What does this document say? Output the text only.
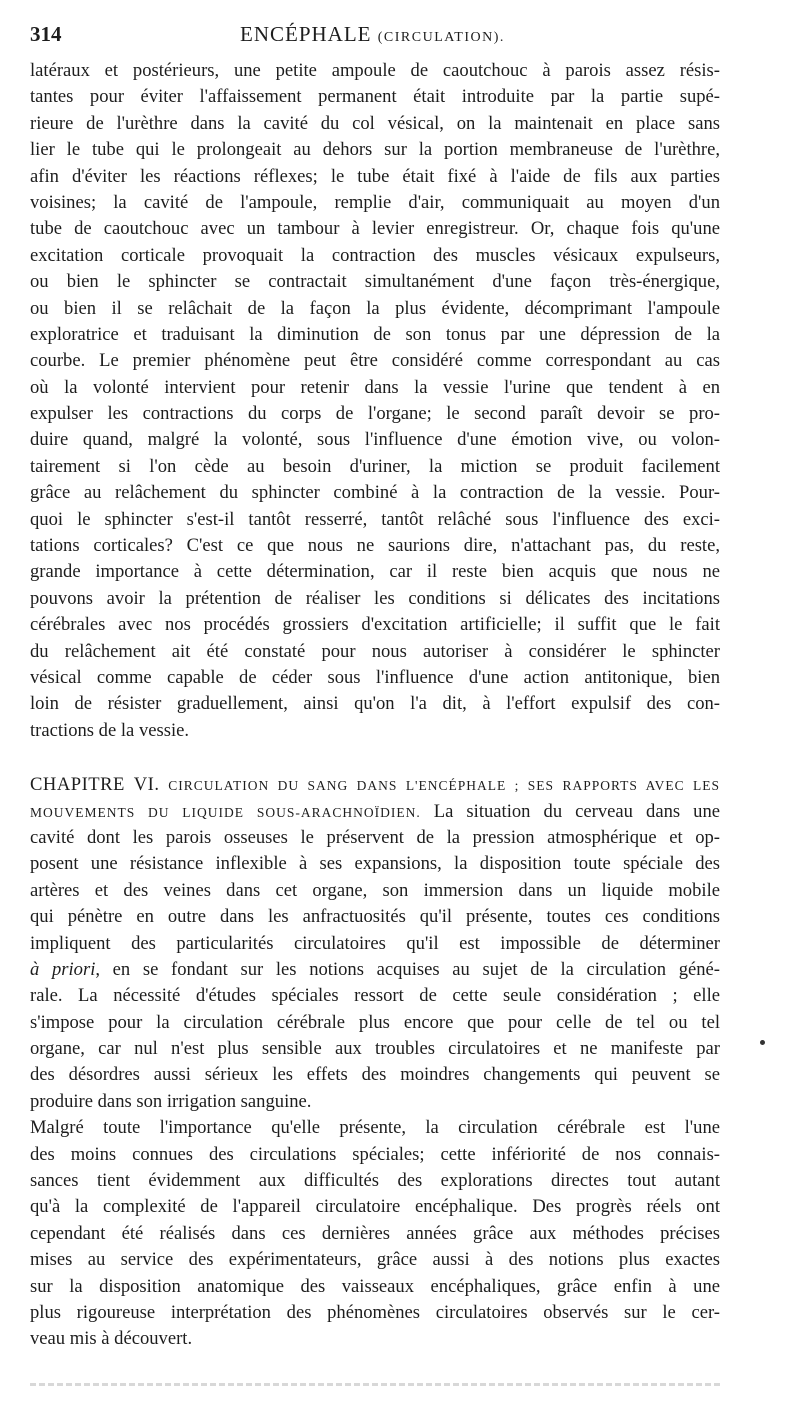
314	ENCÉPHALE (CIRCULATION).
latéraux et postérieurs, une petite ampoule de caoutchouc à parois assez résis-
tantes pour éviter l'affaissement permanent était introduite par la partie supé-
rieure de l'urèthre dans la cavité du col vésical, on la maintenait en place sans
lier le tube qui le prolongeait au dehors sur la portion membraneuse de l'urèthre,
afin d'éviter les réactions réflexes; le tube était fixé à l'aide de fils aux parties
voisines; la cavité de l'ampoule, remplie d'air, communiquait au moyen d'un
tube de caoutchouc avec un tambour à levier enregistreur. Or, chaque fois qu'une
excitation corticale provoquait la contraction des muscles vésicaux expulseurs,
ou bien le sphincter se contractait simultanément d'une façon très-énergique,
ou bien il se relâchait de la façon la plus évidente, décomprimant l'ampoule
exploratrice et traduisant la diminution de son tonus par une dépression de la
courbe. Le premier phénomène peut être considéré comme correspondant au cas
où la volonté intervient pour retenir dans la vessie l'urine que tendent à en
expulser les contractions du corps de l'organe; le second paraît devoir se pro-
duire quand, malgré la volonté, sous l'influence d'une émotion vive, ou volon-
tairement si l'on cède au besoin d'uriner, la miction se produit facilement
grâce au relâchement du sphincter combiné à la contraction de la vessie. Pour-
quoi le sphincter s'est-il tantôt resserré, tantôt relâché sous l'influence des exci-
tations corticales? C'est ce que nous ne saurions dire, n'attachant pas, du reste,
grande importance à cette détermination, car il reste bien acquis que nous ne
pouvons avoir la prétention de réaliser les conditions si délicates des incitations
cérébrales avec nos procédés grossiers d'excitation artificielle; il suffit que le fait
du relâchement ait été constaté pour nous autoriser à considérer le sphincter
vésical comme capable de céder sous l'influence d'une action antitonique, bien
loin de résister graduellement, ainsi qu'on l'a dit, à l'effort expulsif des con-
tractions de la vessie.
CHAPITRE VI. CIRCULATION DU SANG DANS L'ENCÉPHALE ; SES RAPPORTS AVEC LES
MOUVEMENTS DU LIQUIDE SOUS-ARACHNOÏDIEN. La situation du cerveau dans une
cavité dont les parois osseuses le préservent de la pression atmosphérique et op-
posent une résistance inflexible à ses expansions, la disposition toute spéciale des
artères et des veines dans cet organe, son immersion dans un liquide mobile
qui pénètre en outre dans les anfractuosités qu'il présente, toutes ces conditions
impliquent des particularités circulatoires qu'il est impossible de déterminer
à priori, en se fondant sur les notions acquises au sujet de la circulation géné-
rale. La nécessité d'études spéciales ressort de cette seule considération ; elle
s'impose pour la circulation cérébrale plus encore que pour celle de tel ou tel
organe, car nul n'est plus sensible aux troubles circulatoires et ne manifeste par
des désordres aussi sérieux les effets des moindres changements qui peuvent se
produire dans son irrigation sanguine.
Malgré toute l'importance qu'elle présente, la circulation cérébrale est l'une
des moins connues des circulations spéciales; cette infériorité de nos connais-
sances tient évidemment aux difficultés des explorations directes tout autant
qu'à la complexité de l'appareil circulatoire encéphalique. Des progrès réels ont
cependant été réalisés dans ces dernières années grâce aux méthodes précises
mises au service des expérimentateurs, grâce aussi à des notions plus exactes
sur la disposition anatomique des vaisseaux encéphaliques, grâce enfin à une
plus rigoureuse interprétation des phénomènes circulatoires observés sur le cer-
veau mis à découvert.
